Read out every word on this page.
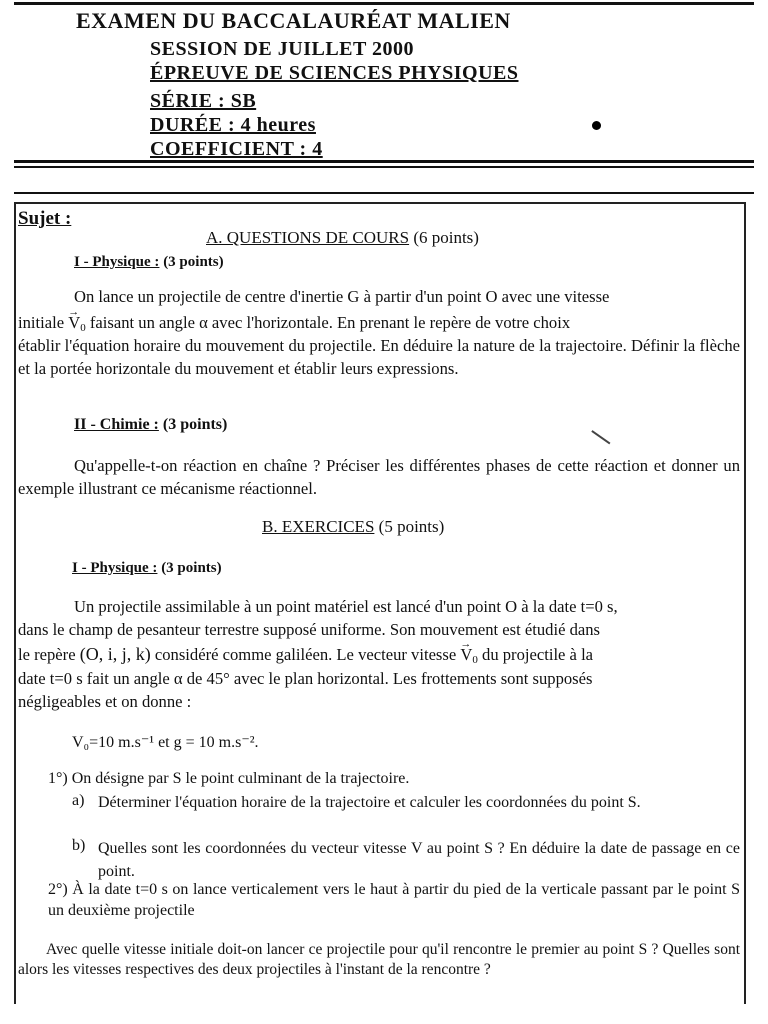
EXAMEN DU BACCALAURÉAT MALIEN
SESSION DE JUILLET 2000
ÉPREUVE DE SCIENCES PHYSIQUES
SÉRIE : SB
DURÉE : 4 heures
COEFFICIENT : 4
Sujet :
A. QUESTIONS DE COURS (6 points)
I - Physique : (3 points)
On lance un projectile de centre d'inertie G à partir d'un point O avec une vitesse
initiale → $V_0$ faisant un angle α avec l'horizontale. En prenant le repère de votre choix
établir l'équation horaire du mouvement du projectile. En déduire la nature de la trajectoire. Définir la flèche et la portée horizontale du mouvement et établir leurs expressions.
II - Chimie : (3 points)
Qu'appelle-t-on réaction en chaîne ? Préciser les différentes phases de cette réaction et donner un exemple illustrant ce mécanisme réactionnel.
B. EXERCICES (5 points)
I - Physique : (3 points)
Un projectile assimilable à un point matériel est lancé d'un point O à la date t=0 s,
dans le champ de pesanteur terrestre supposé uniforme. Son mouvement est étudié dans
le repère (O, i, j, k) considéré comme galiléen. Le vecteur vitesse → $V_0$ du projectile à la
date t=0 s fait un angle α de 45° avec le plan horizontal. Les frottements sont supposés
négligeables et on donne :
V₀=10 m.s⁻¹ et g = 10 m.s⁻².
1°) On désigne par S le point culminant de la trajectoire.
a) Déterminer l'équation horaire de la trajectoire et calculer les coordonnées du point S.
b) Quelles sont les coordonnées du vecteur vitesse V au point S ? En déduire la date de passage en ce point.
2°) À la date t=0 s on lance verticalement vers le haut à partir du pied de la verticale passant par le point S un deuxième projectile
Avec quelle vitesse initiale doit-on lancer ce projectile pour qu'il rencontre le premier au point S ? Quelles sont alors les vitesses respectives des deux projectiles à l'instant de la rencontre ?
